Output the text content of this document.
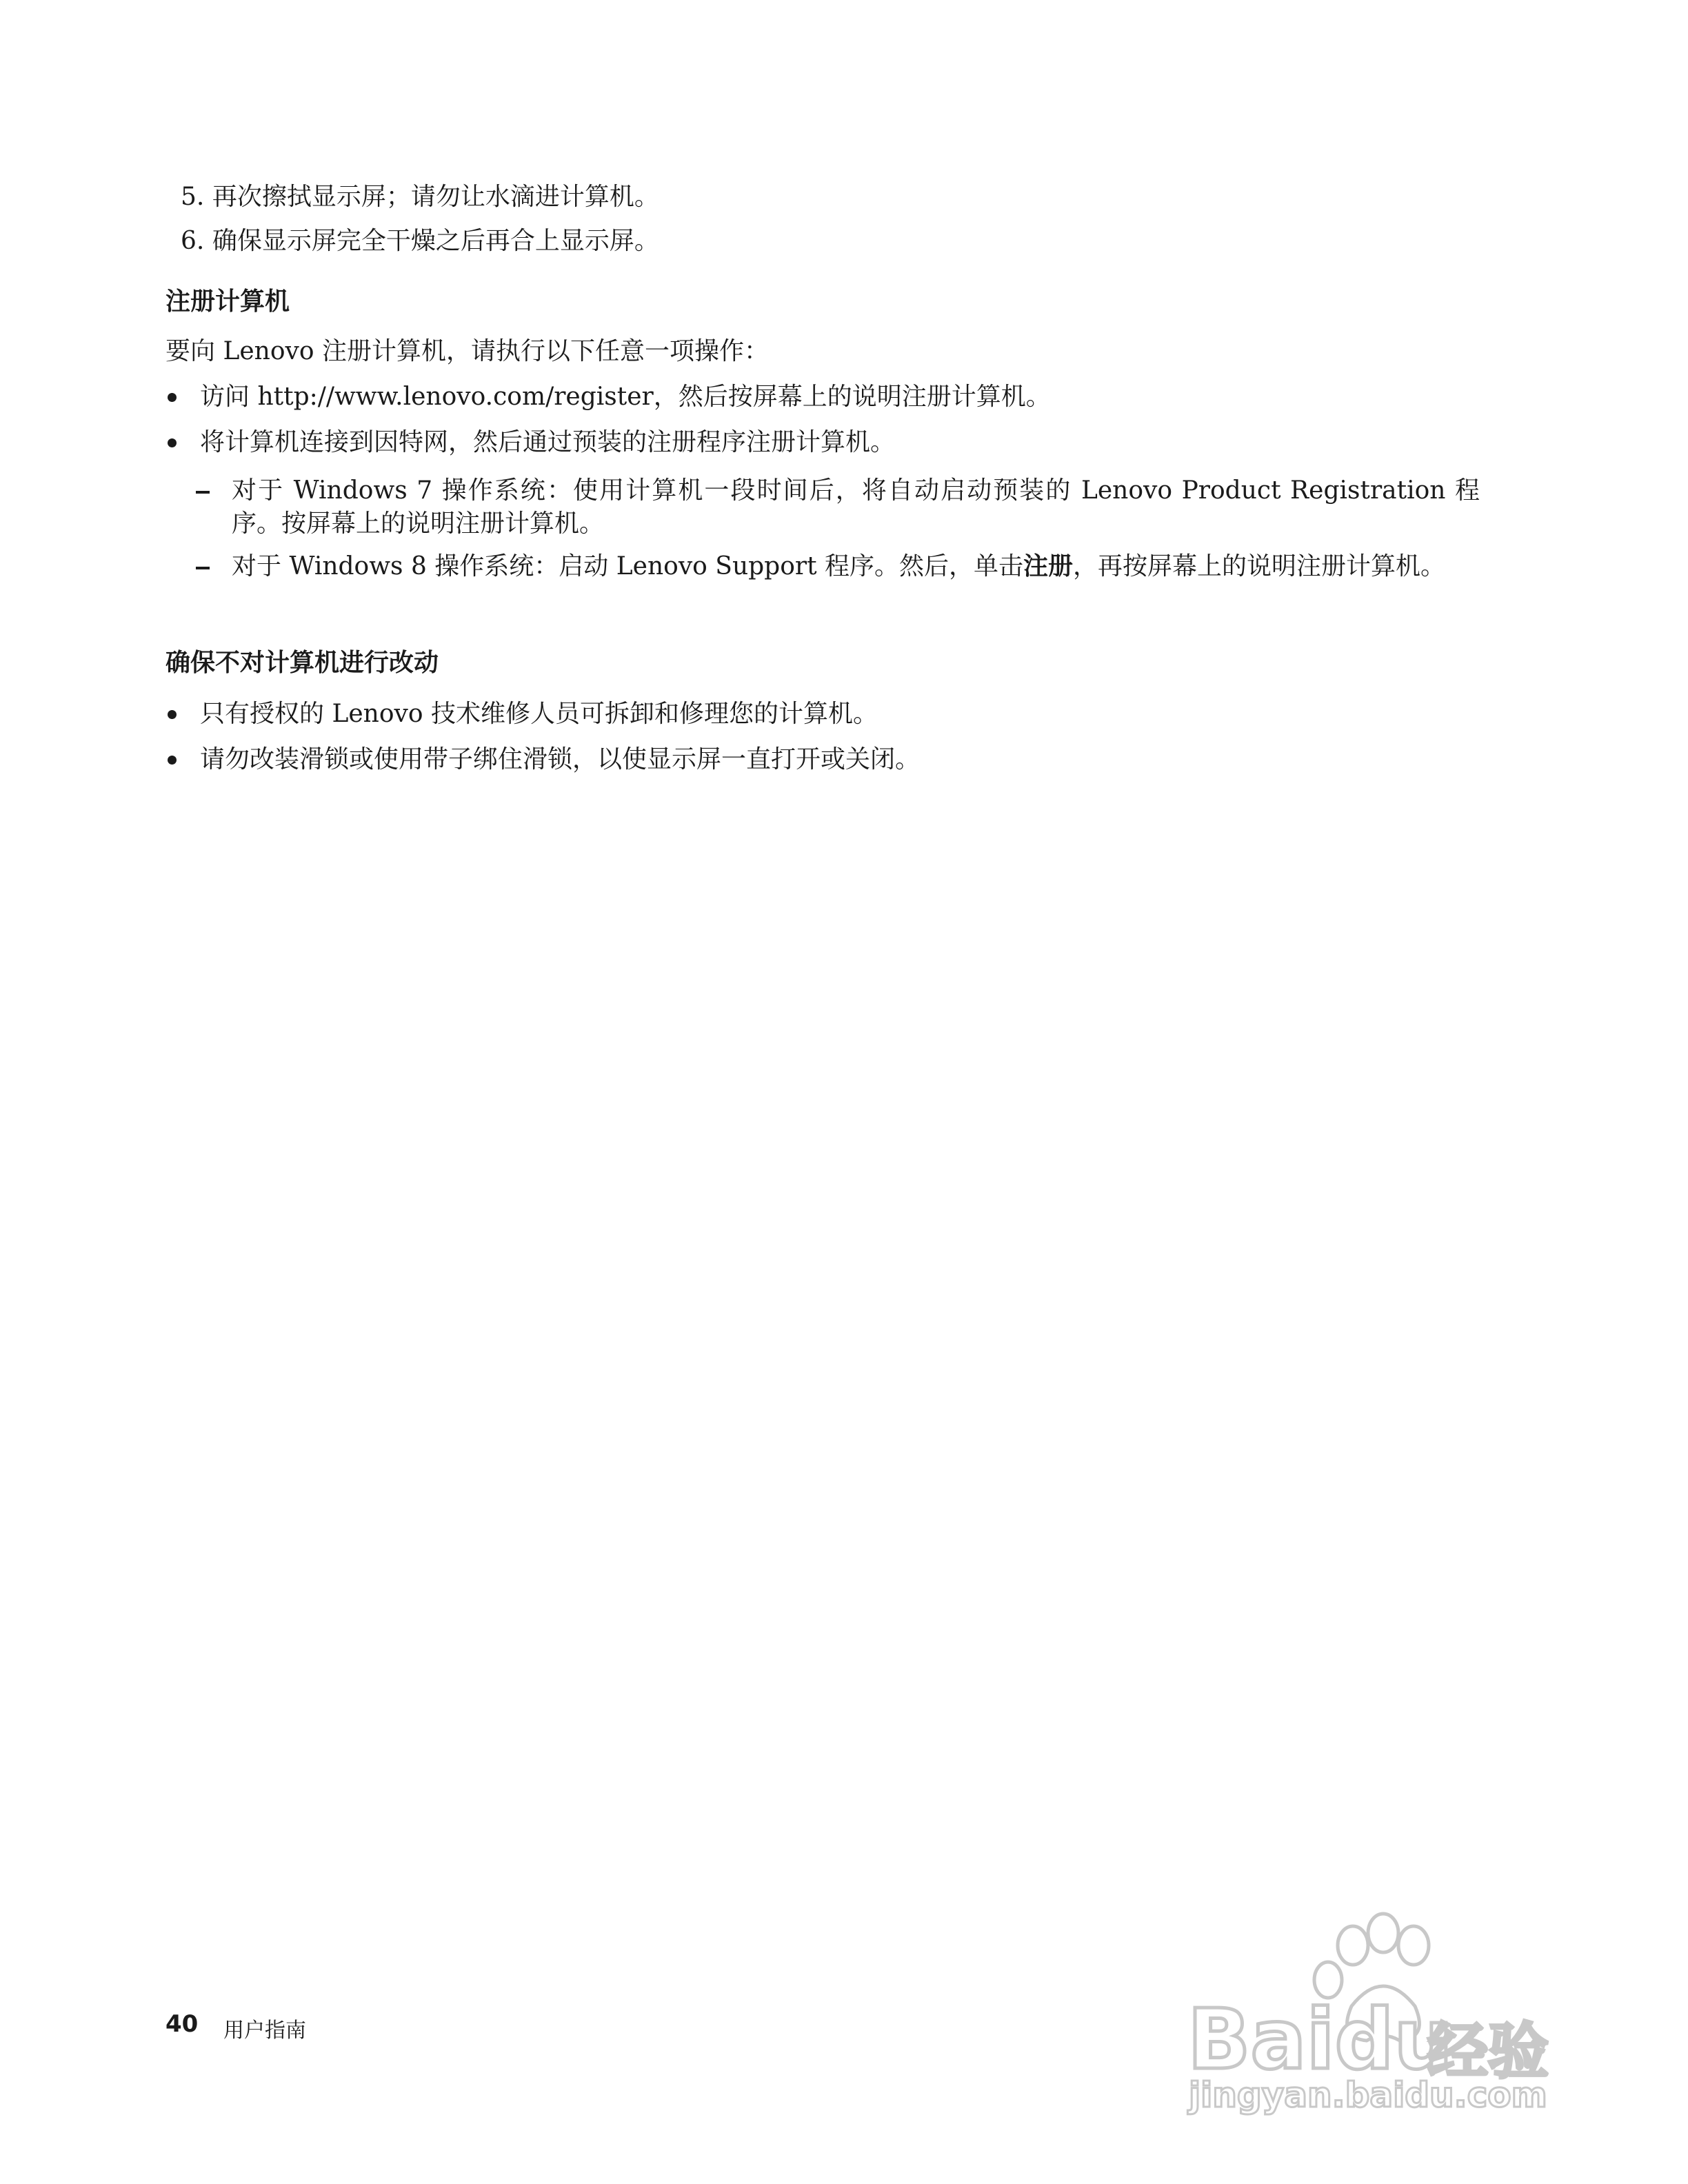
5. 再次擦拭显示屏；请勿让水滴进计算机。
6. 确保显示屏完全干燥之后再合上显示屏。
注册计算机
要向 Lenovo 注册计算机，请执行以下任意一项操作：
访问 http://www.lenovo.com/register，然后按屏幕上的说明注册计算机。
将计算机连接到因特网，然后通过预装的注册程序注册计算机。
对于 Windows 7 操作系统：使用计算机一段时间后，将自动启动预装的 Lenovo Product Registration 程序。按屏幕上的说明注册计算机。
对于 Windows 8 操作系统：启动 Lenovo Support 程序。然后，单击注册，再按屏幕上的说明注册计算机。
确保不对计算机进行改动
只有授权的 Lenovo 技术维修人员可拆卸和修理您的计算机。
请勿改装滑锁或使用带子绑住滑锁，以使显示屏一直打开或关闭。
40 用户指南	Baidu
经验
jingyan.baidu.com
